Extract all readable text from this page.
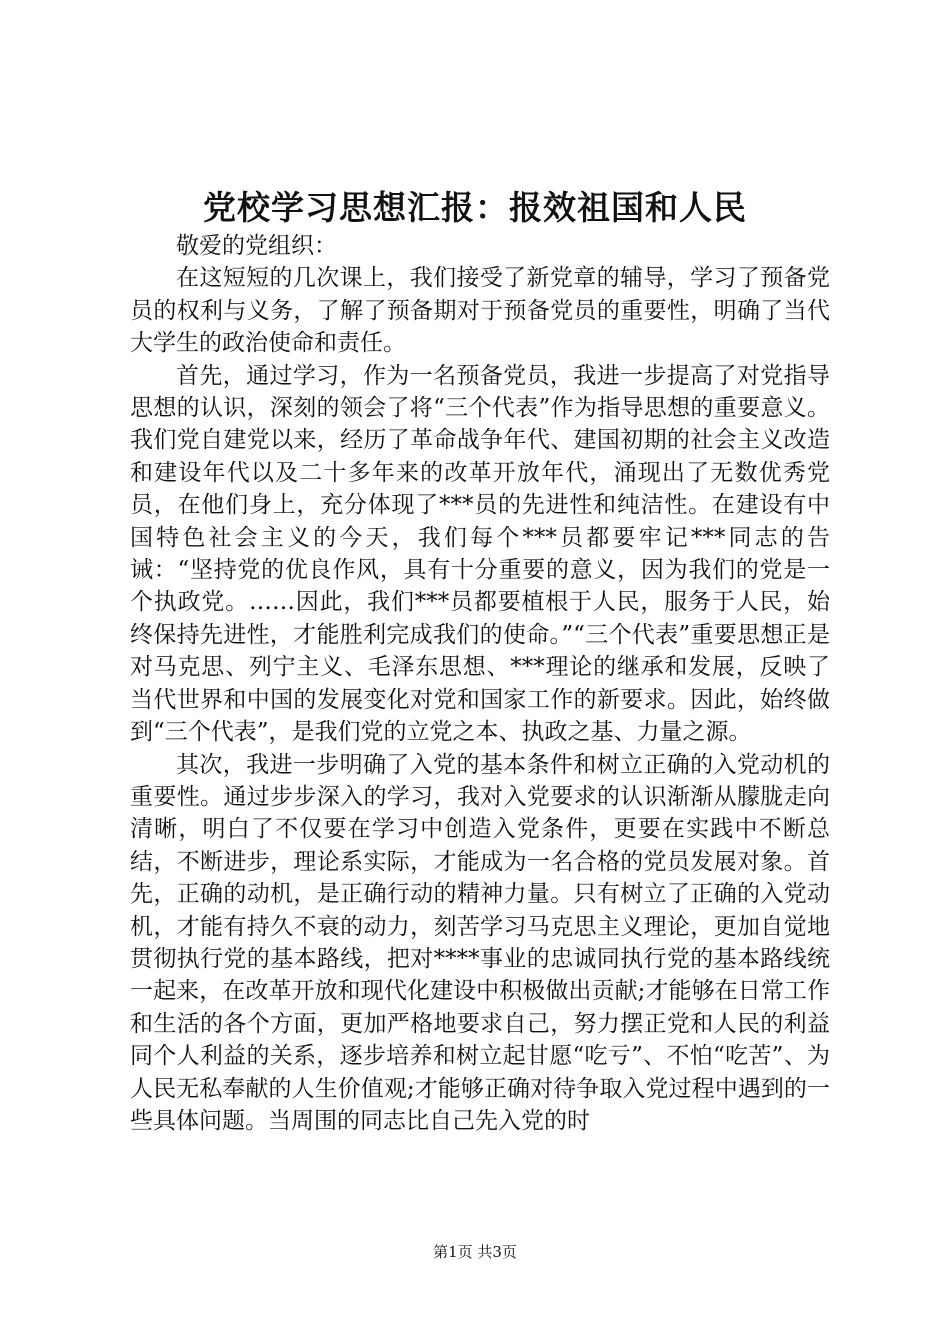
党校学习思想汇报：报效祖国和人民

敬爱的党组织：

在这短短的几次课上，我们接受了新党章的辅导，学习了预备党员的权利与义务，了解了预备期对于预备党员的重要性，明确了当代大学生的政治使命和责任。

首先，通过学习，作为一名预备党员，我进一步提高了对党指导思想的认识，深刻的领会了将“三个代表”作为指导思想的重要意义。我们党自建党以来，经历了革命战争年代、建国初期的社会主义改造和建设年代以及二十多年来的改革开放年代，涌现出了无数优秀党员，在他们身上，充分体现了***员的先进性和纯洁性。在建设有中国特色社会主义的今天，我们每个***员都要牢记***同志的告诫：“坚持党的优良作风，具有十分重要的意义，因为我们的党是一个执政党。……因此，我们***员都要植根于人民，服务于人民，始终保持先进性，才能胜利完成我们的使命。”“三个代表”重要思想正是对马克思、列宁主义、毛泽东思想、***理论的继承和发展，反映了当代世界和中国的发展变化对党和国家工作的新要求。因此，始终做到“三个代表”，是我们党的立党之本、执政之基、力量之源。

其次，我进一步明确了入党的基本条件和树立正确的入党动机的重要性。通过步步深入的学习，我对入党要求的认识渐渐从朦胧走向清晰，明白了不仅要在学习中创造入党条件，更要在实践中不断总结，不断进步，理论系实际，才能成为一名合格的党员发展对象。首先，正确的动机，是正确行动的精神力量。只有树立了正确的入党动机，才能有持久不衰的动力，刻苦学习马克思主义理论，更加自觉地贯彻执行党的基本路线，把对****事业的忠诚同执行党的基本路线统一起来，在改革开放和现代化建设中积极做出贡献;才能够在日常工作和生活的各个方面，更加严格地要求自己，努力摆正党和人民的利益同个人利益的关系，逐步培养和树立起甘愿“吃亏”、不怕“吃苦”、为人民无私奉献的人生价值观;才能够正确对待争取入党过程中遇到的一些具体问题。当周围的同志比自己先入党的时

第1页 共3页
